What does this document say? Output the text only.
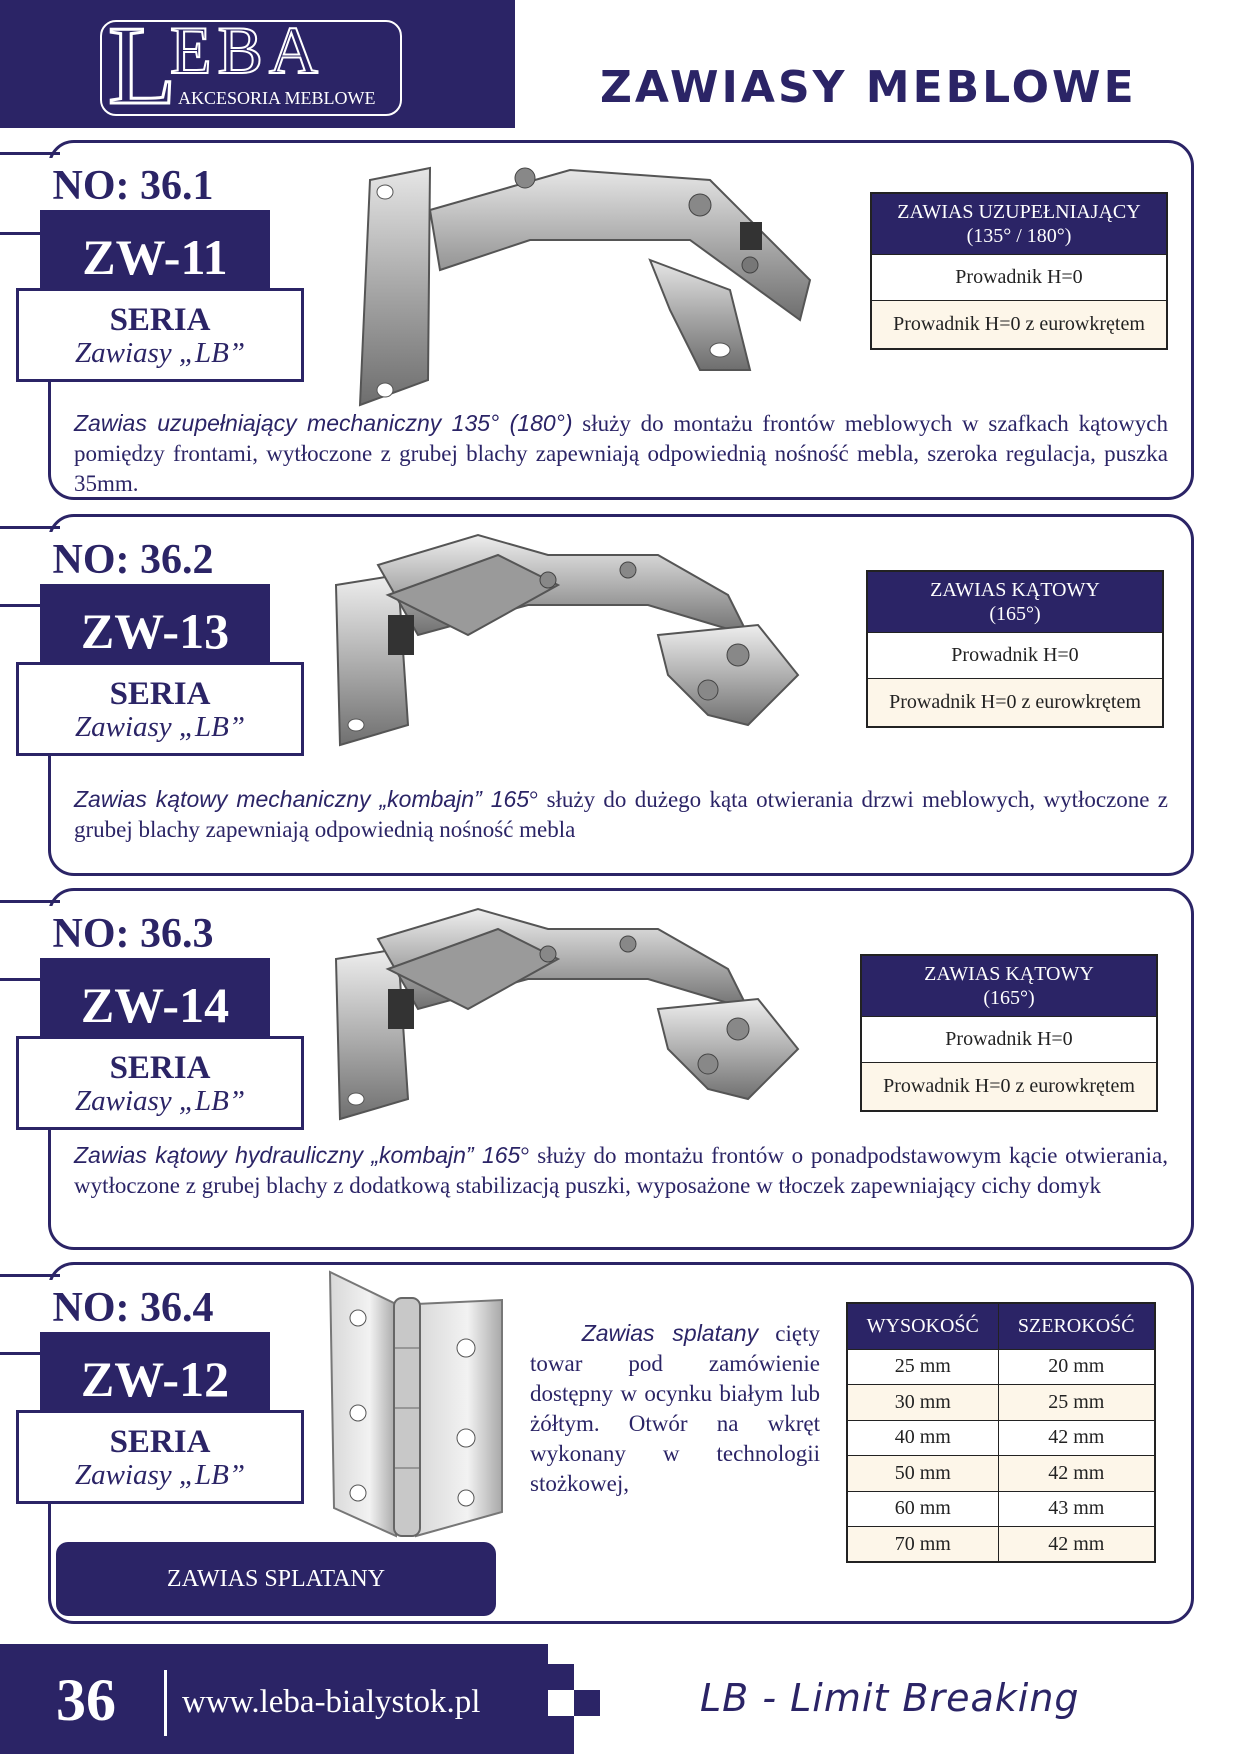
L
EBA
AKCESORIA MEBLOWE	ZAWIASY MEBLOWE
NO: 36.1
ZW-11
SERIA
Zawiasy „LB”
ZAWIAS UZUPEŁNIAJĄCY
(135° / 180°)
Prowadnik H=0
Prowadnik H=0 z eurowkrętem

Zawias uzupełniający mechaniczny 135° (180°) służy do montażu frontów meblowych w szafkach kątowych pomiędzy frontami, wytłoczone z grubej blachy zapewniają odpowiednią nośność mebla, szeroka regulacja, puszka 35mm.

NO: 36.2
ZW-13
SERIA
Zawiasy „LB”
ZAWIAS KĄTOWY
(165°)
Prowadnik H=0
Prowadnik H=0 z eurowkrętem

Zawias kątowy mechaniczny „kombajn” 165° służy do dużego kąta otwierania drzwi meblowych, wytłoczone z grubej blachy zapewniają odpowiednią nośność mebla

NO: 36.3
ZW-14
SERIA
Zawiasy „LB”
ZAWIAS KĄTOWY
(165°)
Prowadnik H=0
Prowadnik H=0 z eurowkrętem

Zawias kątowy hydrauliczny „kombajn” 165° służy do montażu frontów o ponadpodstawowym kącie otwierania, wytłoczone z grubej blachy z dodatkową stabilizacją puszki, wyposażone w tłoczek zapewniający cichy domyk

NO: 36.4
ZW-12
SERIA
Zawiasy „LB”

Zawias splatany cięty towar pod zamówienie dostępny w ocynku białym lub żółtym. Otwór na wkręt wykonany w technologii stożkowej,

WYSOKOŚĆ	SZEROKOŚĆ
25 mm	20 mm
30 mm	25 mm
40 mm	42 mm
50 mm	42 mm
60 mm	43 mm
70 mm	42 mm
ZAWIAS SPLATANY
36 www.leba-bialystok.pl	LB - Limit Breaking
